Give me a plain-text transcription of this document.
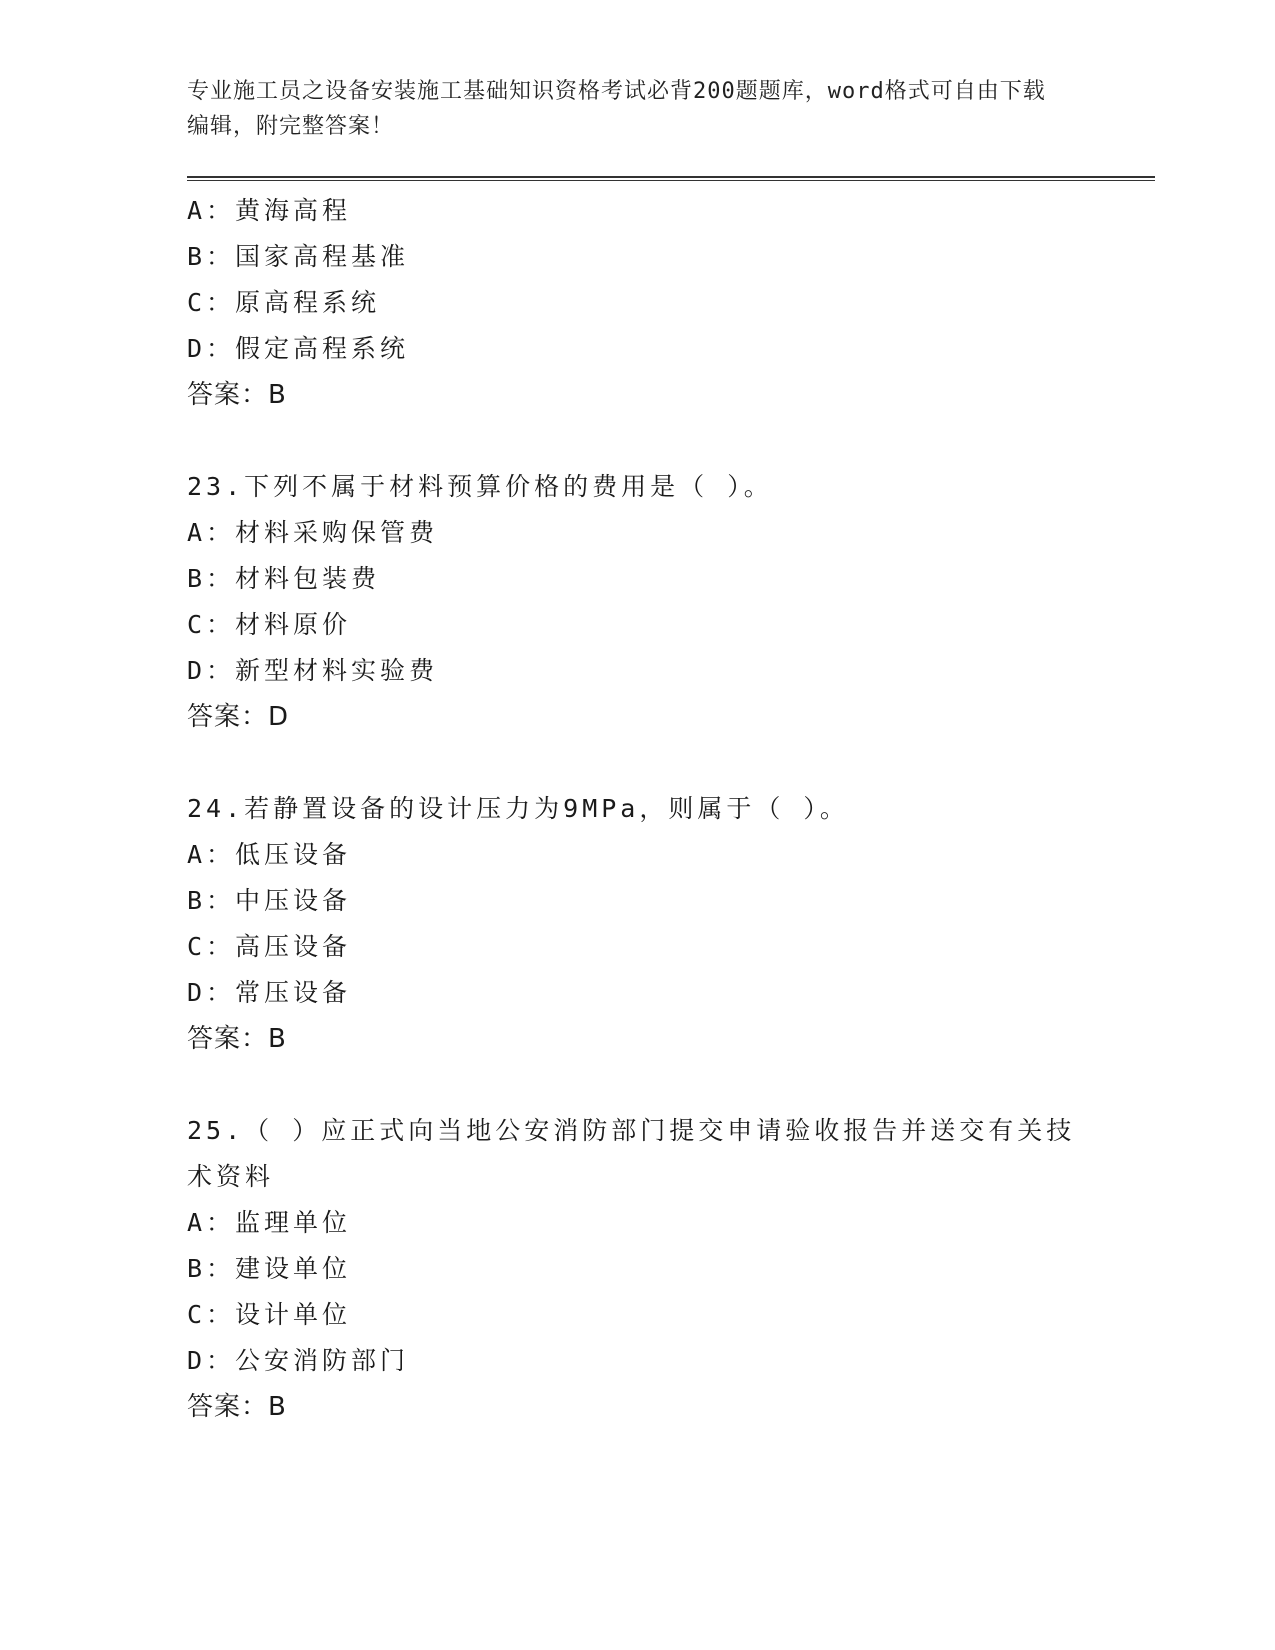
专业施工员之设备安装施工基础知识资格考试必背200题题库，word格式可自由下载编辑，附完整答案！
A：黄海高程
B：国家高程基准
C：原高程系统
D：假定高程系统
答案：B
23.下列不属于材料预算价格的费用是（ ）。
A：材料采购保管费
B：材料包装费
C：材料原价
D：新型材料实验费
答案：D
24.若静置设备的设计压力为9MPa，则属于（ ）。
A：低压设备
B：中压设备
C：高压设备
D：常压设备
答案：B
25.（ ）应正式向当地公安消防部门提交申请验收报告并送交有关技术资料
A：监理单位
B：建设单位
C：设计单位
D：公安消防部门
答案：B
